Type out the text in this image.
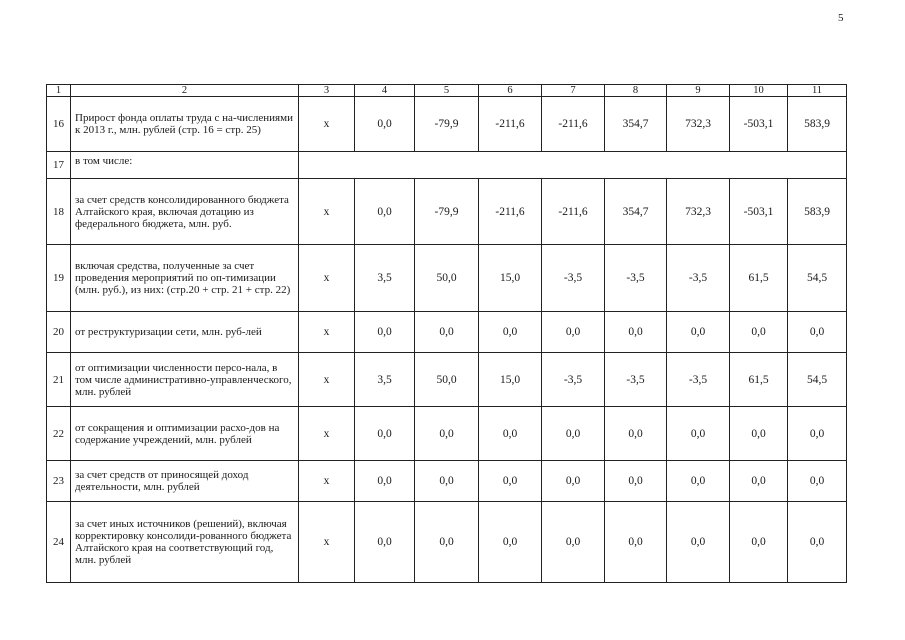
5
1	2	3	4	5	6	7	8	9	10	11
16	Прирост фонда оплаты труда с на-числениями к 2013 г., млн. рублей (стр. 16 = стр. 25)	x	0,0	-79,9	-211,6	-211,6	354,7	732,3	-503,1	583,9
17	в том числе:									
18	за счет средств консолидированного бюджета Алтайского края, включая дотацию из федерального бюджета, млн. руб.	x	0,0	-79,9	-211,6	-211,6	354,7	732,3	-503,1	583,9
19	включая средства, полученные за счет проведения мероприятий по оп-тимизации (млн. руб.), из них: (стр.20 + стр. 21 + стр. 22)	x	3,5	50,0	15,0	-3,5	-3,5	-3,5	61,5	54,5
20	от реструктуризации сети, млн. руб-лей	x	0,0	0,0	0,0	0,0	0,0	0,0	0,0	0,0
21	от оптимизации численности персо-нала, в том числе административно-управленческого, млн. рублей	x	3,5	50,0	15,0	-3,5	-3,5	-3,5	61,5	54,5
22	от сокращения и оптимизации расхо-дов на содержание учреждений, млн. рублей	x	0,0	0,0	0,0	0,0	0,0	0,0	0,0	0,0
23	за счет средств от приносящей доход деятельности, млн. рублей	x	0,0	0,0	0,0	0,0	0,0	0,0	0,0	0,0
24	за счет иных источников (решений), включая корректировку консолиди-рованного бюджета Алтайского края на соответствующий год, млн. рублей	x	0,0	0,0	0,0	0,0	0,0	0,0	0,0	0,0
